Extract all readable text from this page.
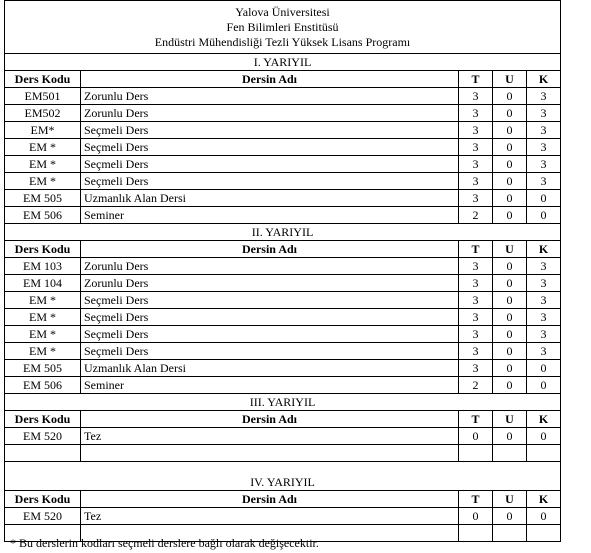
Yalova Üniversitesi
Fen Bilimleri Enstitüsü
Endüstri Mühendisliği Tezli Yüksek Lisans Programı				

I. YARIYIL				
Ders Kodu	Dersin Adı	T	U	K
EM501	Zorunlu Ders	3	0	3
EM502	Zorunlu Ders	3	0	3
EM*	Seçmeli Ders	3	0	3
EM *	Seçmeli Ders	3	0	3
EM *	Seçmeli Ders	3	0	3
EM *	Seçmeli Ders	3	0	3
EM 505	Uzmanlık Alan Dersi	3	0	0
EM 506	Seminer	2	0	0
II. YARIYIL				
Ders Kodu	Dersin Adı	T	U	K
EM 103	Zorunlu Ders	3	0	3
EM 104	Zorunlu Ders	3	0	3
EM *	Seçmeli Ders	3	0	3
EM *	Seçmeli Ders	3	0	3
EM *	Seçmeli Ders	3	0	3
EM *	Seçmeli Ders	3	0	3
EM 505	Uzmanlık Alan Dersi	3	0	0
EM 506	Seminer	2	0	0
III. YARIYIL				
Ders Kodu	Dersin Adı	T	U	K
EM 520	Tez	0	0	0

IV. YARIYIL				
Ders Kodu	Dersin Adı	T	U	K
EM 520	Tez	0	0	0

* Bu derslerin kodları seçmeli derslere bağlı olarak değişecektir.
